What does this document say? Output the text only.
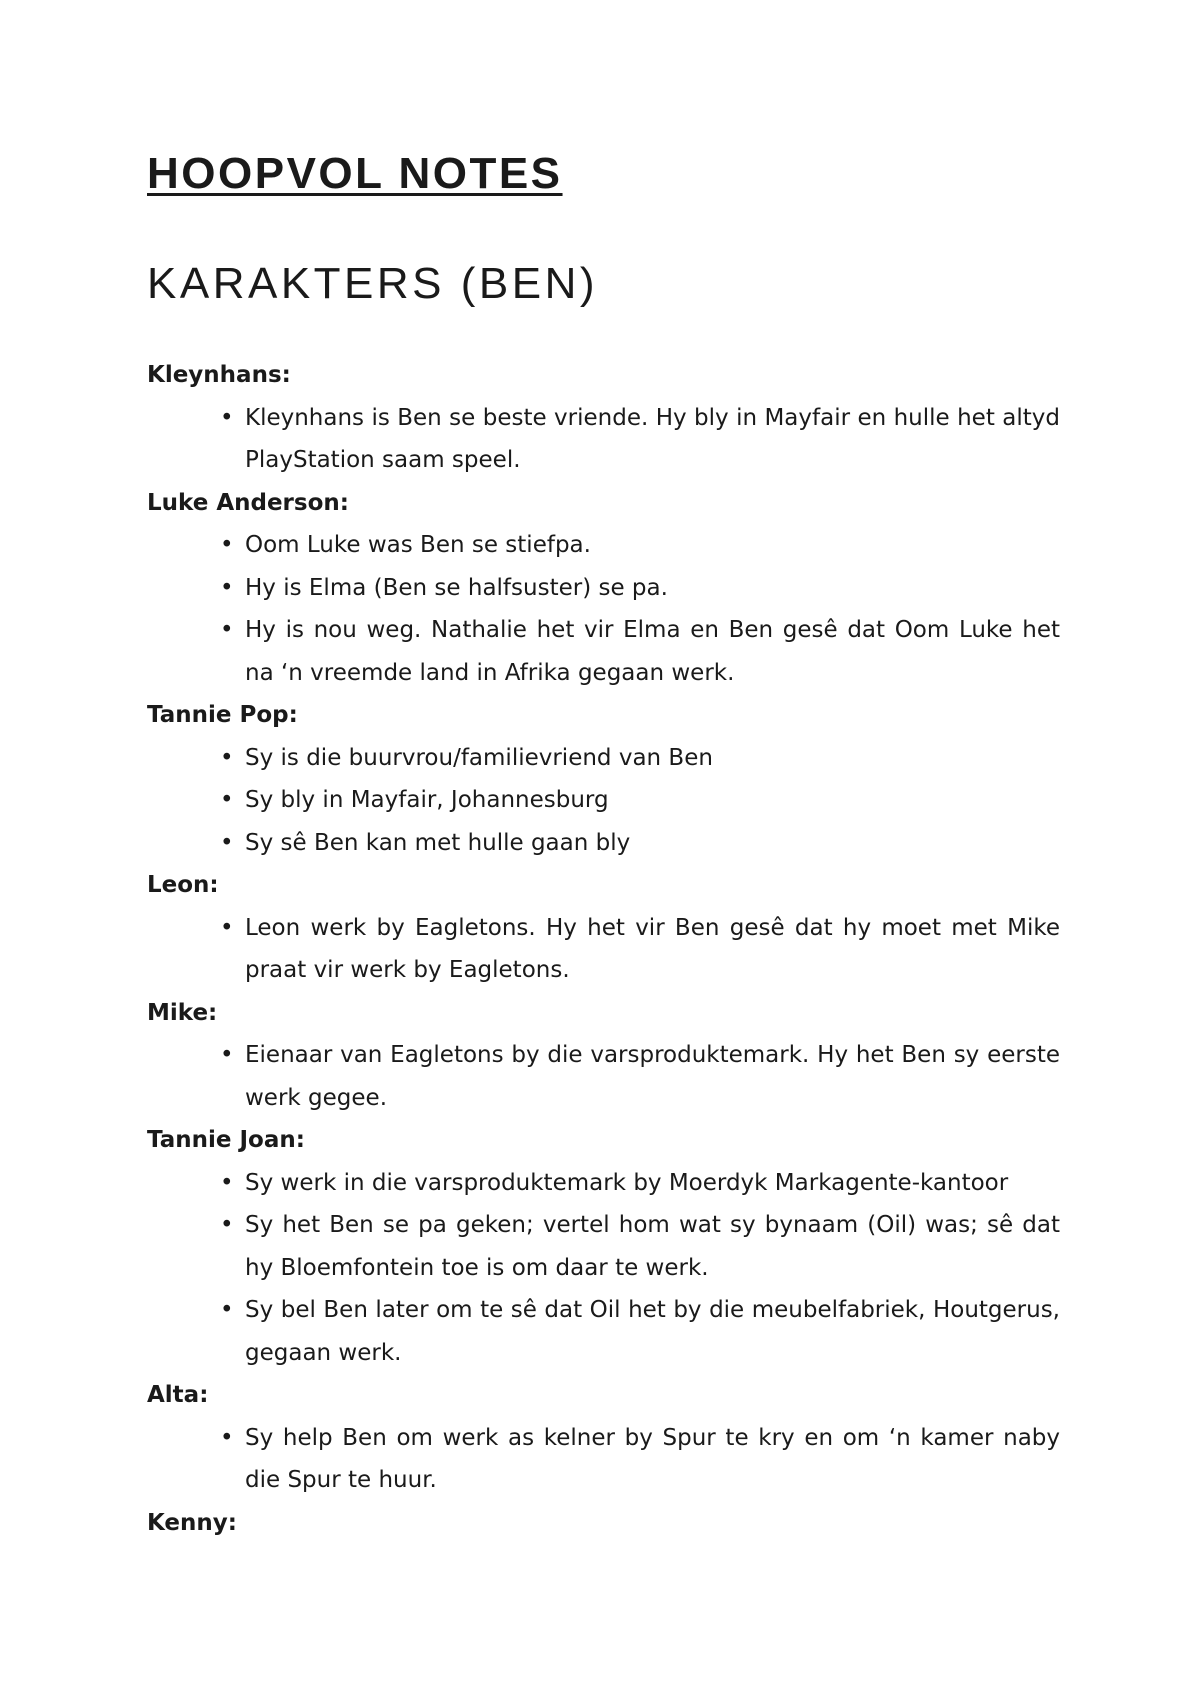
HOOPVOL NOTES
KARAKTERS (BEN)
Kleynhans:
• Kleynhans is Ben se beste vriende. Hy bly in Mayfair en hulle het altyd PlayStation saam speel.
Luke Anderson:
• Oom Luke was Ben se stiefpa.
• Hy is Elma (Ben se halfsuster) se pa.
• Hy is nou weg. Nathalie het vir Elma en Ben gesê dat Oom Luke het na ‘n vreemde land in Afrika gegaan werk.
Tannie Pop:
• Sy is die buurvrou/familievriend van Ben
• Sy bly in Mayfair, Johannesburg
• Sy sê Ben kan met hulle gaan bly
Leon:
• Leon werk by Eagletons. Hy het vir Ben gesê dat hy moet met Mike praat vir werk by Eagletons.
Mike:
• Eienaar van Eagletons by die varsproduktemark. Hy het Ben sy eerste werk gegee.
Tannie Joan:
• Sy werk in die varsproduktemark by Moerdyk Markagente-kantoor
• Sy het Ben se pa geken; vertel hom wat sy bynaam (Oil) was; sê dat hy Bloemfontein toe is om daar te werk.
• Sy bel Ben later om te sê dat Oil het by die meubelfabriek, Houtgerus, gegaan werk.
Alta:
• Sy help Ben om werk as kelner by Spur te kry en om ‘n kamer naby die Spur te huur.
Kenny:
